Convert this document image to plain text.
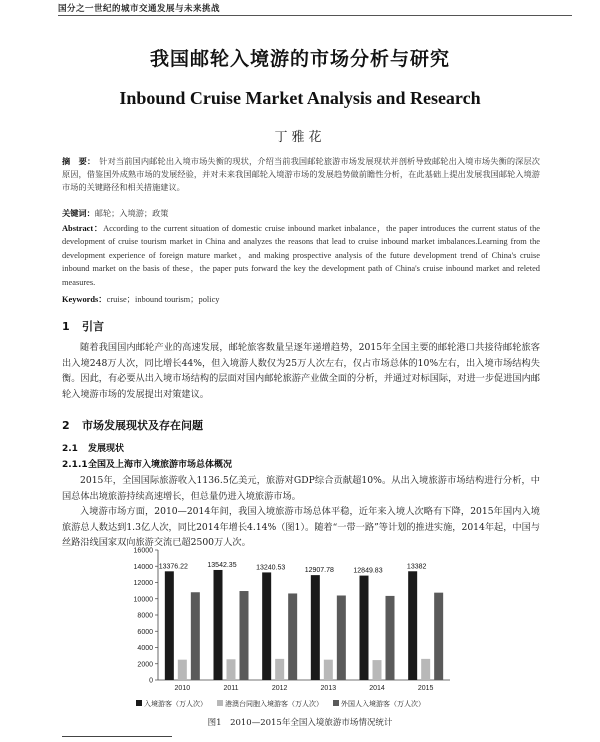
国分之一世纪的城市交通发展与未来挑战
我国邮轮入境游的市场分析与研究
Inbound Cruise Market Analysis and Research
丁雅花
摘　要： 针对当前国内邮轮出入境市场失衡的现状，介绍当前我国邮轮旅游市场发展现状并剖析导致邮轮出入境市场失衡的深层次原因，借鉴国外成熟市场的发展经验，并对未来我国邮轮入境游市场的发展趋势做前瞻性分析，在此基础上提出发展我国邮轮入境游市场的关键路径和相关措施建议。
关键词：邮轮；入境游；政策
Abstract：According to the current situation of domestic cruise inbound market inbalance，the paper introduces the current status of the development of cruise tourism market in China and analyzes the reasons that lead to cruise inbound market imbalances.Learning from the development experience of foreign mature market，and making prospective analysis of the future development trend of China's cruise inbound market on the basis of these，the paper puts forward the key the development path of China's cruise inbound market and releted measures.
Keywords：cruise；inbound tourism；policy
1 引言
随着我国国内邮轮产业的高速发展，邮轮旅客数量呈逐年递增趋势，2015年全国主要的邮轮港口共接待邮轮旅客出入境248万人次，同比增长44%，但入境游人数仅为25万人次左右，仅占市场总体的10%左右，出入境市场结构失衡。因此，有必要从出入境市场结构的层面对国内邮轮旅游产业做全面的分析，并通过对标国际，对进一步促进国内邮轮入境游市场的发展提出对策建议。
2 市场发展现状及存在问题
2.1 发展现状
2.1.1全国及上海市入境旅游市场总体概况
2015年，全国国际旅游收入1136.5亿美元，旅游对GDP综合贡献超10%。从出入境旅游市场结构进行分析，中国总体出境旅游持续高速增长，但总量仍进入境旅游市场。
入境游市场方面，2010—2014年间，我国入境旅游市场总体平稳，近年来入境人次略有下降，2015年国内入境旅游总人数达到1.3亿人次，同比2014年增长4.14%（图1）。随着“一带一路”等计划的推进实施，2014年起，中国与丝路沿线国家双向旅游交流已超2500万人次。
0
2000
4000
6000
8000
10000
12000
14000
16000
13376.22
2010
13542.35
2011
13240.53
2012
12907.78
2013
12849.83
2014
13382
2015
入境游客（万人次）	港澳台同胞入境游客（万人次）	外国人入境游客（万人次）
图1　2010—2015年全国入境旅游市场情况统计
